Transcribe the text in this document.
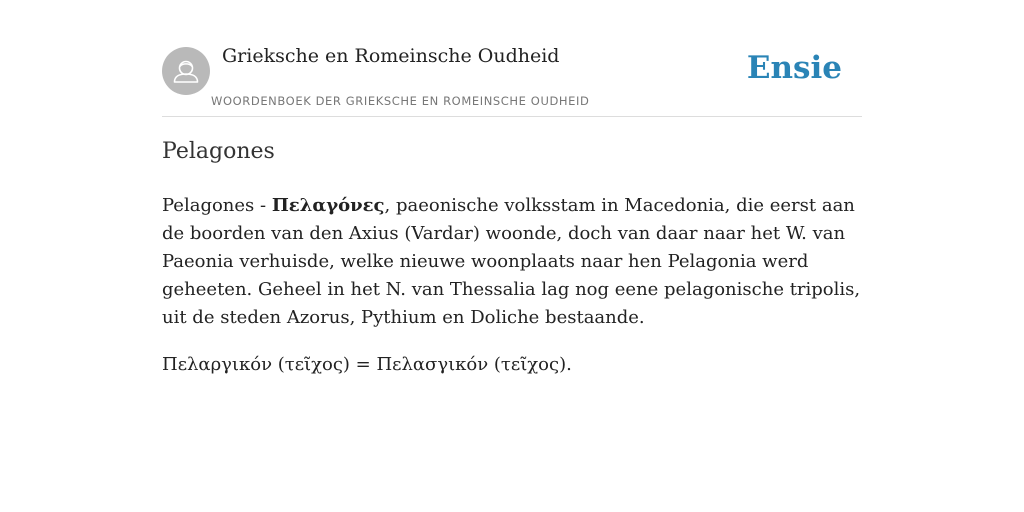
Grieksche en Romeinsche Oudheid
WOORDENBOEK DER GRIEKSCHE EN ROMEINSCHE OUDHEID
Ensie
Pelagones

Pelagones - Πελαγόνες, paeonische volksstam in Macedonia, die eerst aan de boorden van den Axius (Vardar) woonde, doch van daar naar het W. van Paeonia verhuisde, welke nieuwe woonplaats naar hen Pelagonia werd geheeten. Geheel in het N. van Thessalia lag nog eene pelagonische tripolis, uit de steden Azorus, Pythium en Doliche bestaande.

Πελαργικόν (τεῖχος) = Πελασγικόν (τεῖχος).
